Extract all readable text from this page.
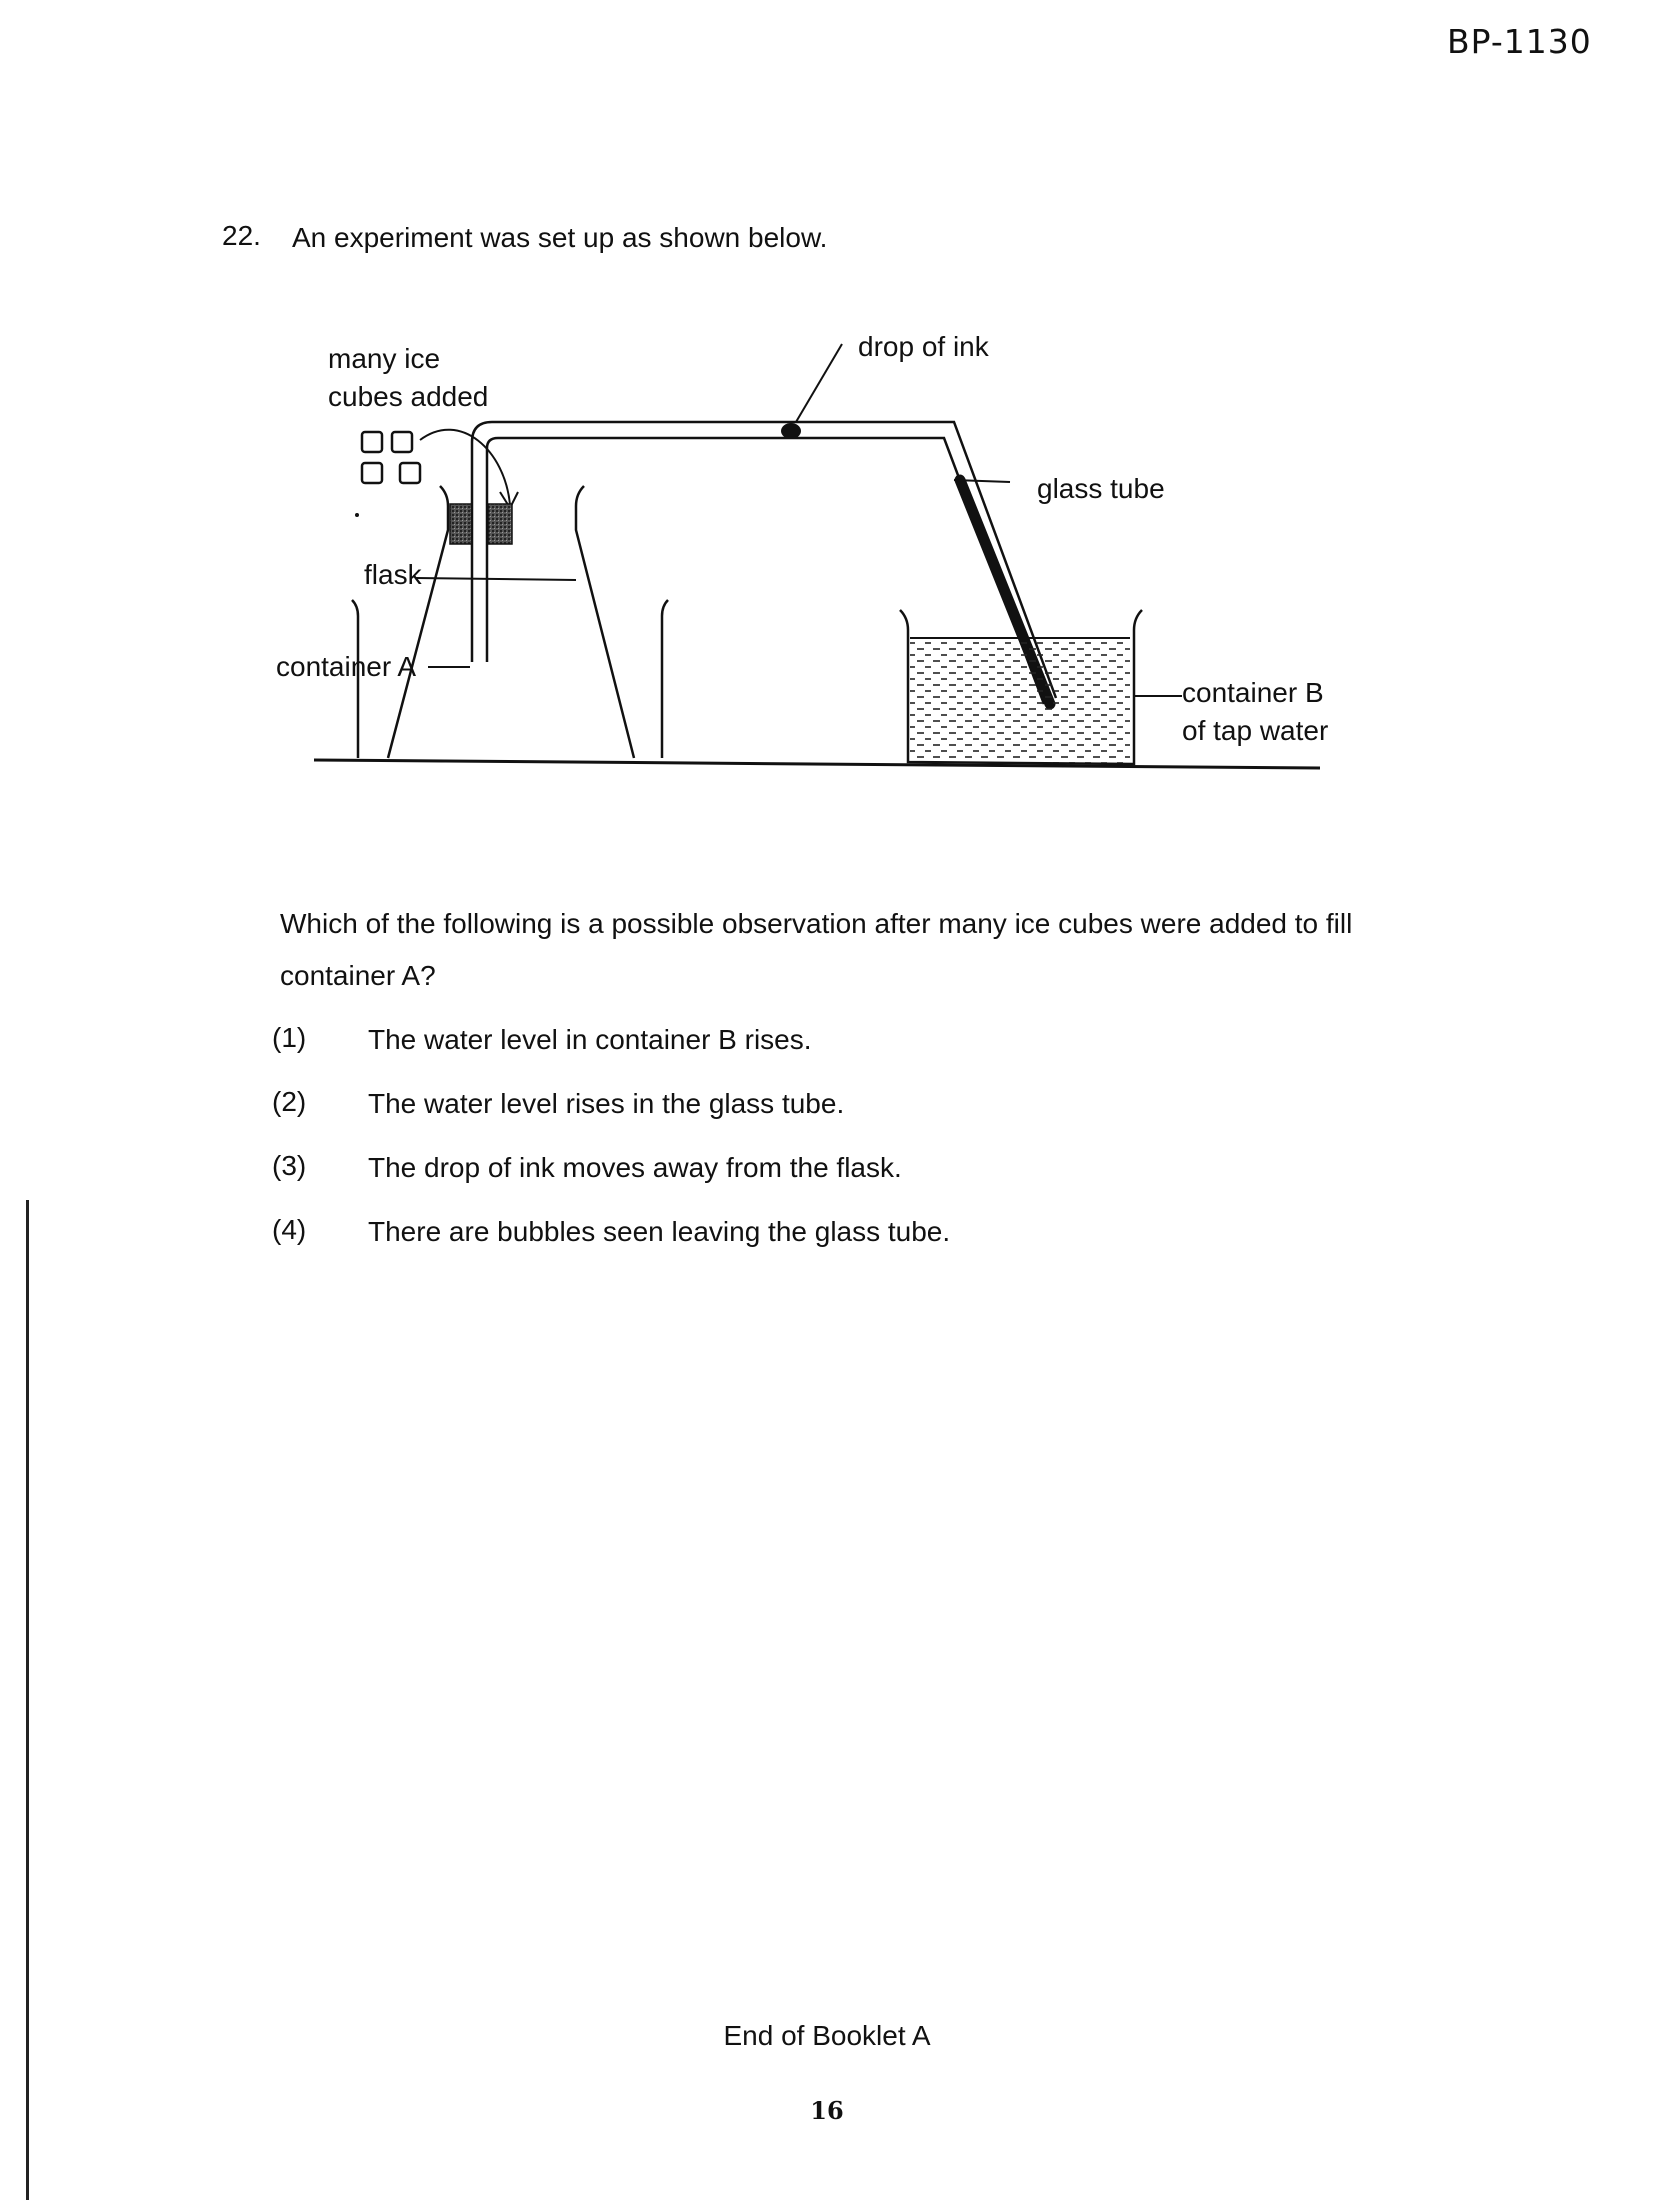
BP-1130
22. An experiment was set up as shown below.
many ice
cubes added
drop of ink
glass tube
flask
container A
container B
of tap water
Which of the following is a possible observation after many ice cubes were added to fill container A?
(1) The water level in container B rises.
(2) The water level rises in the glass tube.
(3) The drop of ink moves away from the flask.
(4) There are bubbles seen leaving the glass tube.
End of Booklet A
16
